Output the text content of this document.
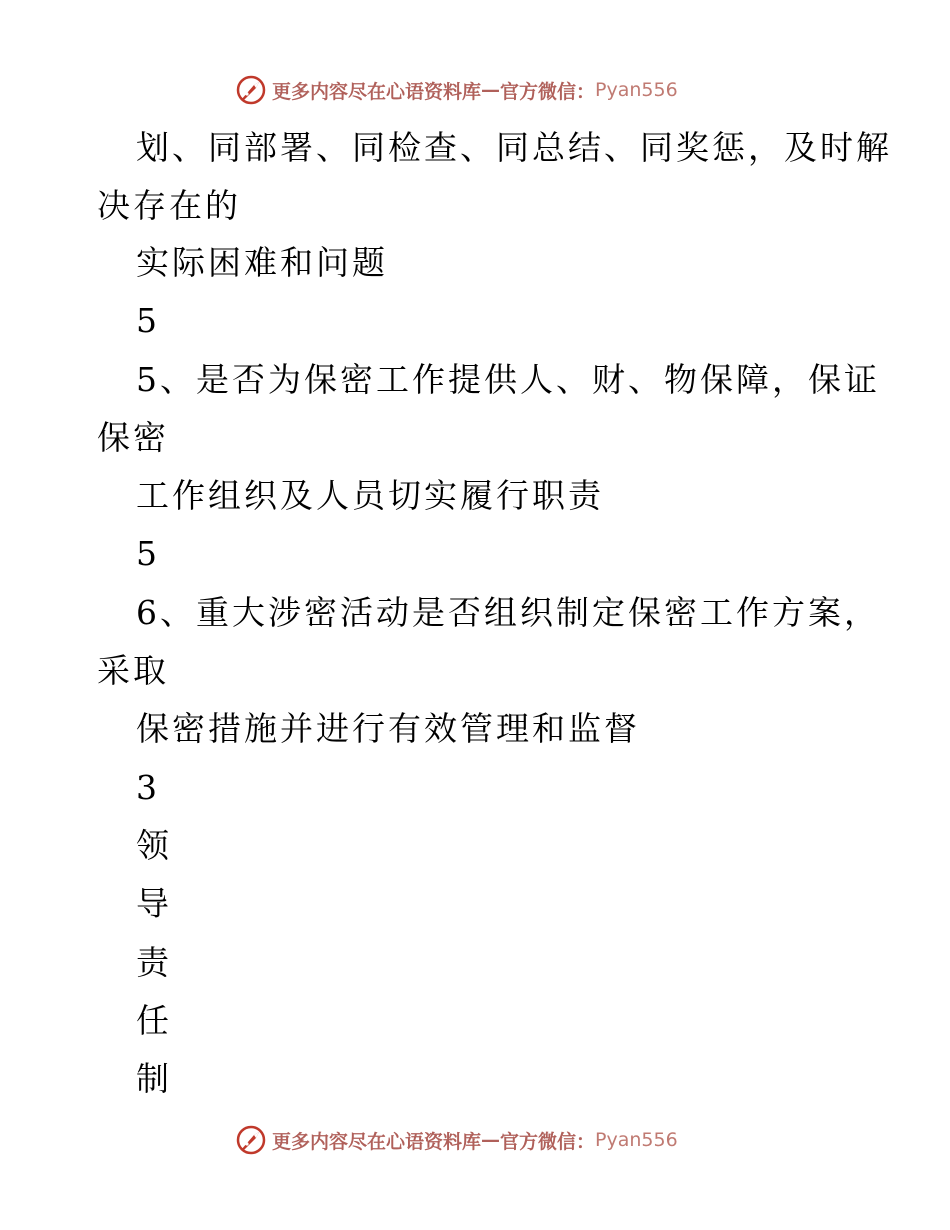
更多内容尽在心语资料库 — 官方微信： Pyan556
划、同部署、同检查、同总结、同奖惩，及时解
决存在的
实际困难和问题
5
5、是否为保密工作提供人、财、物保障，保证
保密
工作组织及人员切实履行职责
5
6、重大涉密活动是否组织制定保密工作方案，
采取
保密措施并进行有效管理和监督
3
领
导
责
任
制
更多内容尽在心语资料库 — 官方微信： Pyan556
